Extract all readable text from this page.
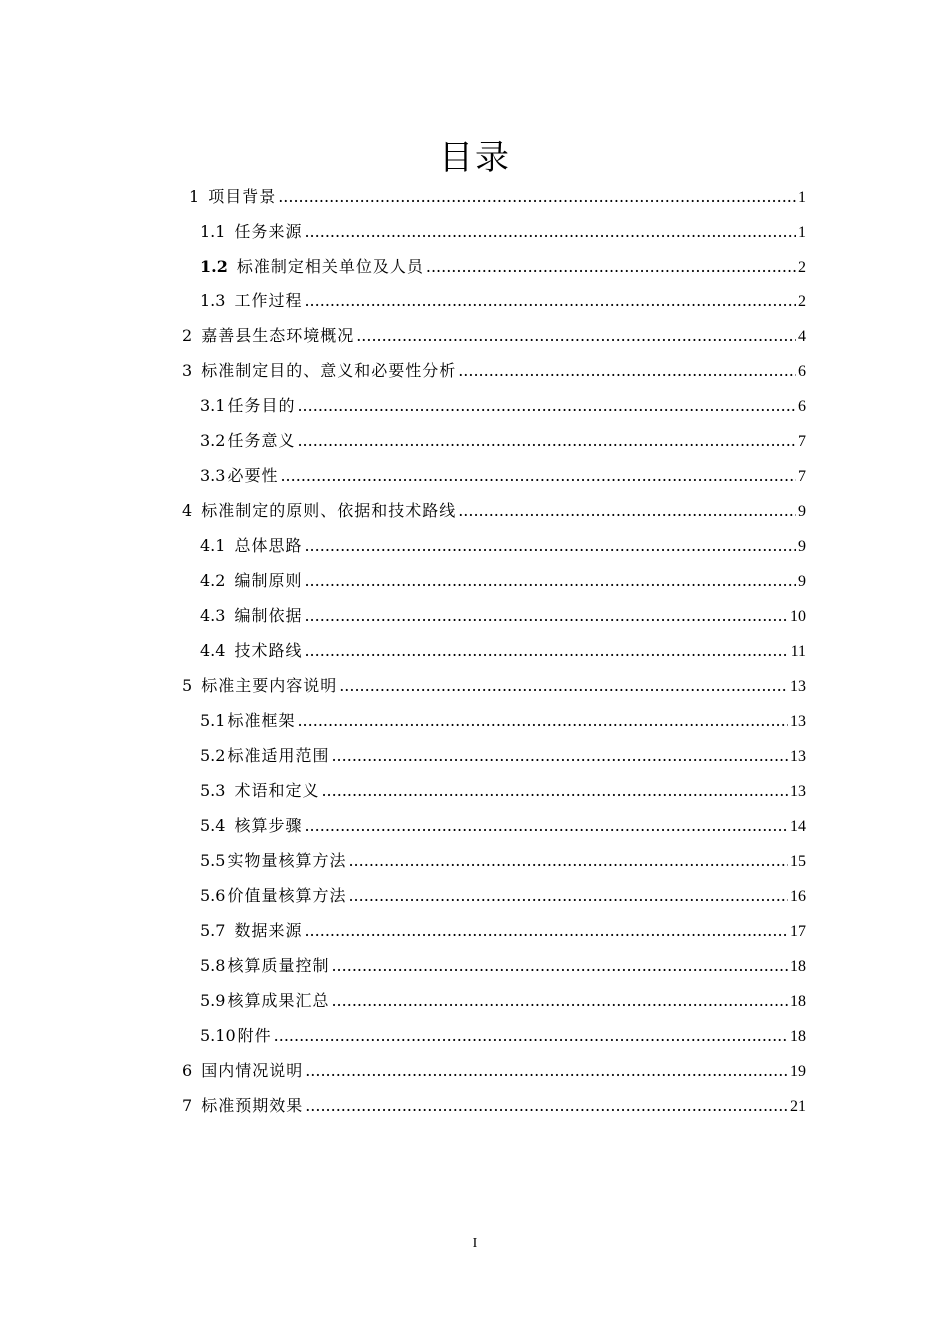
目录
1 项目背景 .....	1
1.1 任务来源 .....	1
1.2 标准制定相关单位及人员 .....	2
1.3 工作过程 .....	2
2 嘉善县生态环境概况 .....	4
3 标准制定目的、意义和必要性分析 .....	6
3.1 任务目的 .....	6
3.2 任务意义 .....	7
3.3 必要性 .....	7
4 标准制定的原则、依据和技术路线 .....	9
4.1 总体思路 .....	9
4.2 编制原则 .....	9
4.3 编制依据 .....	10
4.4 技术路线 .....	11
5 标准主要内容说明 .....	13
5.1 标准框架 .....	13
5.2 标准适用范围 .....	13
5.3 术语和定义 .....	13
5.4 核算步骤 .....	14
5.5 实物量核算方法 .....	15
5.6 价值量核算方法 .....	16
5.7 数据来源 .....	17
5.8 核算质量控制 .....	18
5.9 核算成果汇总 .....	18
5.10 附件 .....	18
6 国内情况说明 .....	19
7 标准预期效果 .....	21
I
